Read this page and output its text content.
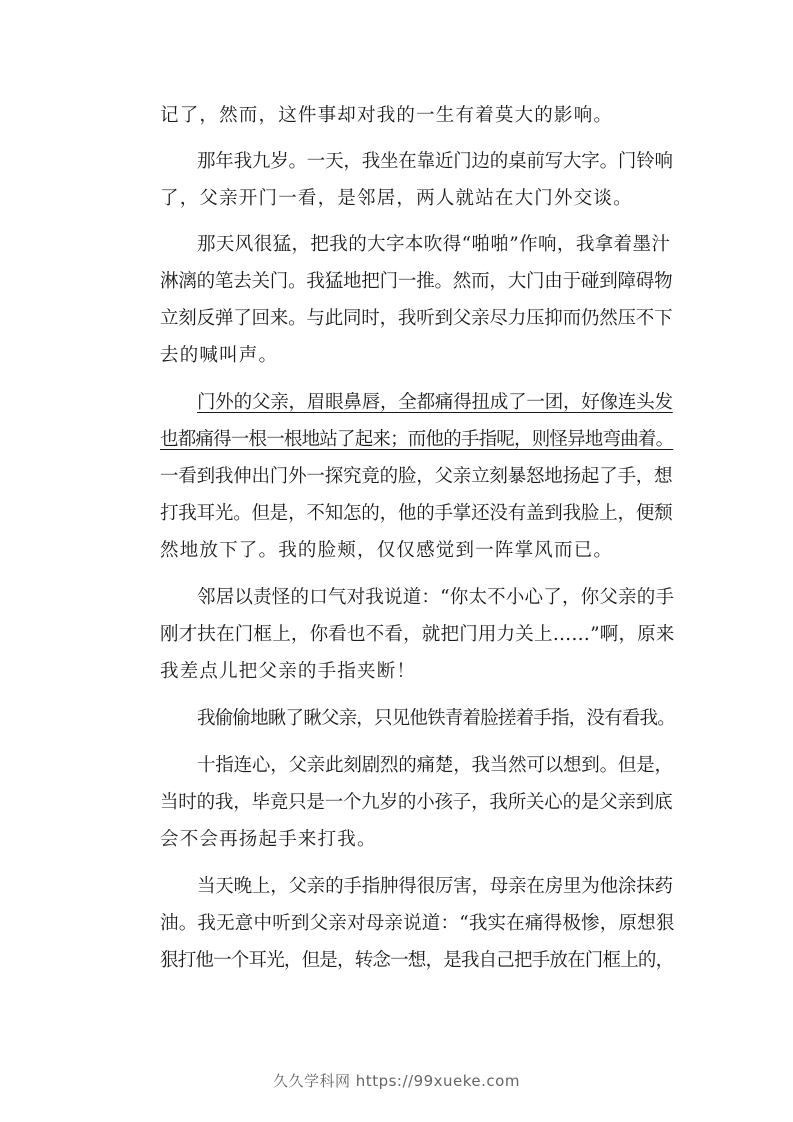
记了，然而，这件事却对我的一生有着莫大的影响。
那年我九岁。一天，我坐在靠近门边的桌前写大字。门铃响
了，父亲开门一看，是邻居，两人就站在大门外交谈。
那天风很猛，把我的大字本吹得“啪啪”作响，我拿着墨汁
淋漓的笔去关门。我猛地把门一推。然而，大门由于碰到障碍物
立刻反弹了回来。与此同时，我听到父亲尽力压抑而仍然压不下
去的喊叫声。
门外的父亲，眉眼鼻唇，全都痛得扭成了一团，好像连头发
也都痛得一根一根地站了起来；而他的手指呢，则怪异地弯曲着。
一看到我伸出门外一探究竟的脸，父亲立刻暴怒地扬起了手，想
打我耳光。但是，不知怎的，他的手掌还没有盖到我脸上，便颓
然地放下了。我的脸颊，仅仅感觉到一阵掌风而已。
邻居以责怪的口气对我说道：“你太不小心了，你父亲的手
刚才扶在门框上，你看也不看，就把门用力关上……”啊，原来
我差点儿把父亲的手指夹断！
我偷偷地瞅了瞅父亲，只见他铁青着脸搓着手指，没有看我。
十指连心，父亲此刻剧烈的痛楚，我当然可以想到。但是，
当时的我，毕竟只是一个九岁的小孩子，我所关心的是父亲到底
会不会再扬起手来打我。
当天晚上，父亲的手指肿得很厉害，母亲在房里为他涂抹药
油。我无意中听到父亲对母亲说道：“我实在痛得极惨，原想狠
狠打他一个耳光，但是，转念一想，是我自己把手放在门框上的，
久久学科网 https://99xueke.com
